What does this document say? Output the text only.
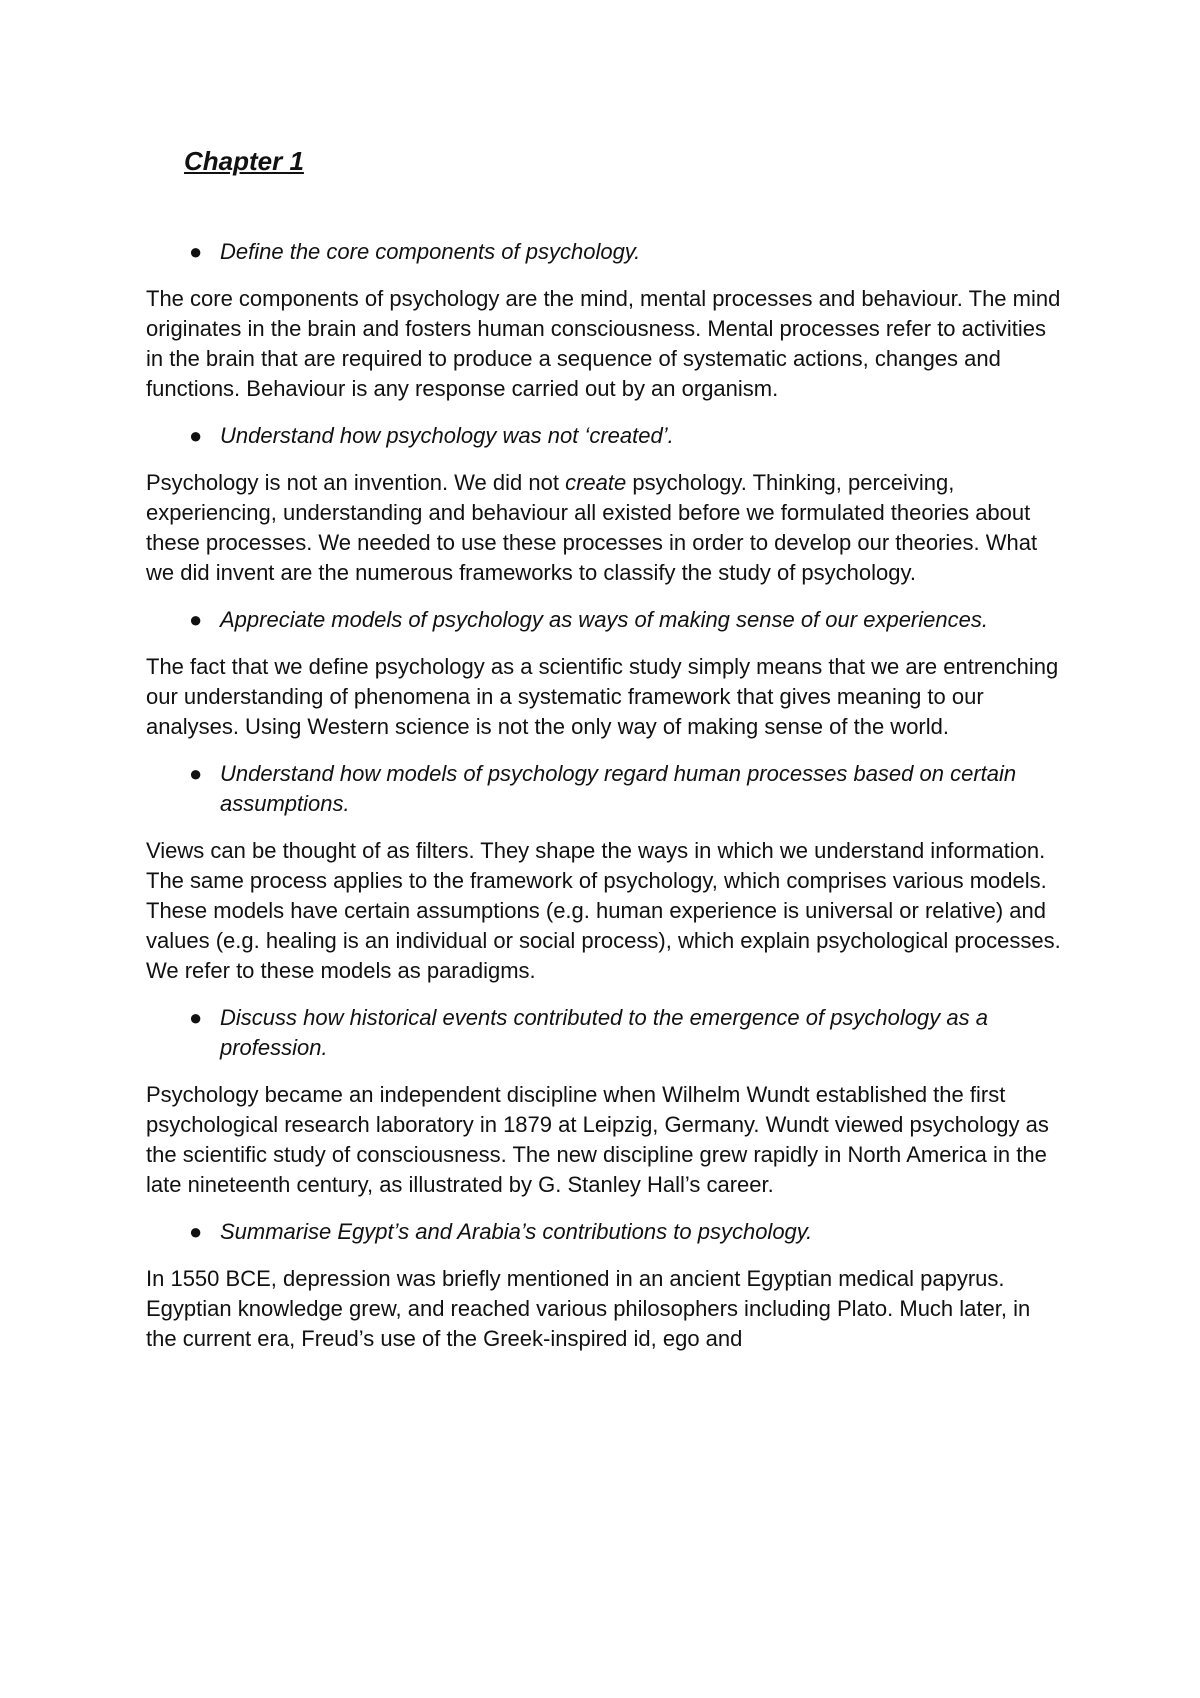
Chapter 1
● Define the core components of psychology.

The core components of psychology are the mind, mental processes and behaviour. The mind originates in the brain and fosters human consciousness. Mental processes refer to activities in the brain that are required to produce a sequence of systematic actions, changes and functions. Behaviour is any response carried out by an organism.

● Understand how psychology was not ‘created’.

Psychology is not an invention. We did not create psychology. Thinking, perceiving, experiencing, understanding and behaviour all existed before we formulated theories about these processes. We needed to use these processes in order to develop our theories. What we did invent are the numerous frameworks to classify the study of psychology.

● Appreciate models of psychology as ways of making sense of our experiences.

The fact that we define psychology as a scientific study simply means that we are entrenching our understanding of phenomena in a systematic framework that gives meaning to our analyses. Using Western science is not the only way of making sense of the world.

● Understand how models of psychology regard human processes based on certain assumptions.

Views can be thought of as filters. They shape the ways in which we understand information. The same process applies to the framework of psychology, which comprises various models. These models have certain assumptions (e.g. human experience is universal or relative) and values (e.g. healing is an individual or social process), which explain psychological processes. We refer to these models as paradigms.

● Discuss how historical events contributed to the emergence of psychology as a profession.

Psychology became an independent discipline when Wilhelm Wundt established the first psychological research laboratory in 1879 at Leipzig, Germany. Wundt viewed psychology as the scientific study of consciousness. The new discipline grew rapidly in North America in the late nineteenth century, as illustrated by G. Stanley Hall’s career.

● Summarise Egypt’s and Arabia’s contributions to psychology.

In 1550 BCE, depression was briefly mentioned in an ancient Egyptian medical papyrus. Egyptian knowledge grew, and reached various philosophers including Plato. Much later, in the current era, Freud’s use of the Greek-inspired id, ego and
